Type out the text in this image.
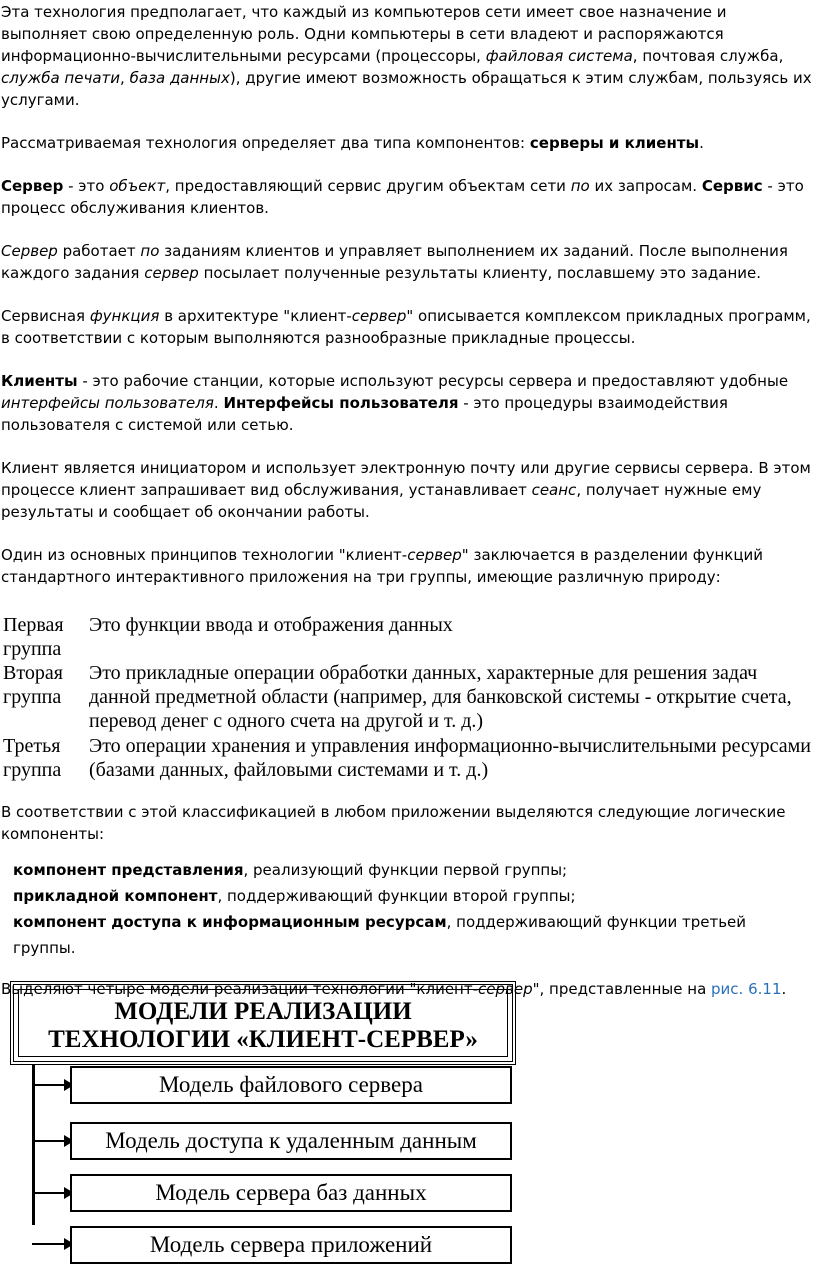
Эта технология предполагает, что каждый из компьютеров сети имеет свое назначение и выполняет свою определенную роль. Одни компьютеры в сети владеют и распоряжаются информационно-вычислительными ресурсами (процессоры, файловая система, почтовая служба, служба печати, база данных), другие имеют возможность обращаться к этим службам, пользуясь их услугами.

Рассматриваемая технология определяет два типа компонентов: серверы и клиенты.

Сервер - это объект, предоставляющий сервис другим объектам сети по их запросам. Сервис - это процесс обслуживания клиентов.

Сервер работает по заданиям клиентов и управляет выполнением их заданий. После выполнения каждого задания сервер посылает полученные результаты клиенту, пославшему это задание.

Сервисная функция в архитектуре "клиент-сервер" описывается комплексом прикладных программ, в соответствии с которым выполняются разнообразные прикладные процессы.

Клиенты - это рабочие станции, которые используют ресурсы сервера и предоставляют удобные интерфейсы пользователя. Интерфейсы пользователя - это процедуры взаимодействия пользователя с системой или сетью.

Клиент является инициатором и использует электронную почту или другие сервисы сервера. В этом процессе клиент запрашивает вид обслуживания, устанавливает сеанс, получает нужные ему результаты и сообщает об окончании работы.

Один из основных принципов технологии "клиент-сервер" заключается в разделении функций стандартного интерактивного приложения на три группы, имеющие различную природу:

Первая группа	Это функции ввода и отображения данных
Вторая группа	Это прикладные операции обработки данных, характерные для решения задач данной предметной области (например, для банковской системы - открытие счета, перевод денег с одного счета на другой и т. д.)
Третья группа	Это операции хранения и управления информационно-вычислительными ресурсами (базами данных, файловыми системами и т. д.)

В соответствии с этой классификацией в любом приложении выделяются следующие логические компоненты:

компонент представления, реализующий функции первой группы;
прикладной компонент, поддерживающий функции второй группы;
компонент доступа к информационным ресурсам, поддерживающий функции третьей группы.

Выделяют четыре модели реализации технологии "клиент-сервер", представленные на рис. 6.11.

МОДЕЛИ РЕАЛИЗАЦИИ
ТЕХНОЛОГИИ «КЛИЕНТ-СЕРВЕР»
Модель файлового сервера
Модель доступа к удаленным данным
Модель сервера баз данных
Модель сервера приложений
